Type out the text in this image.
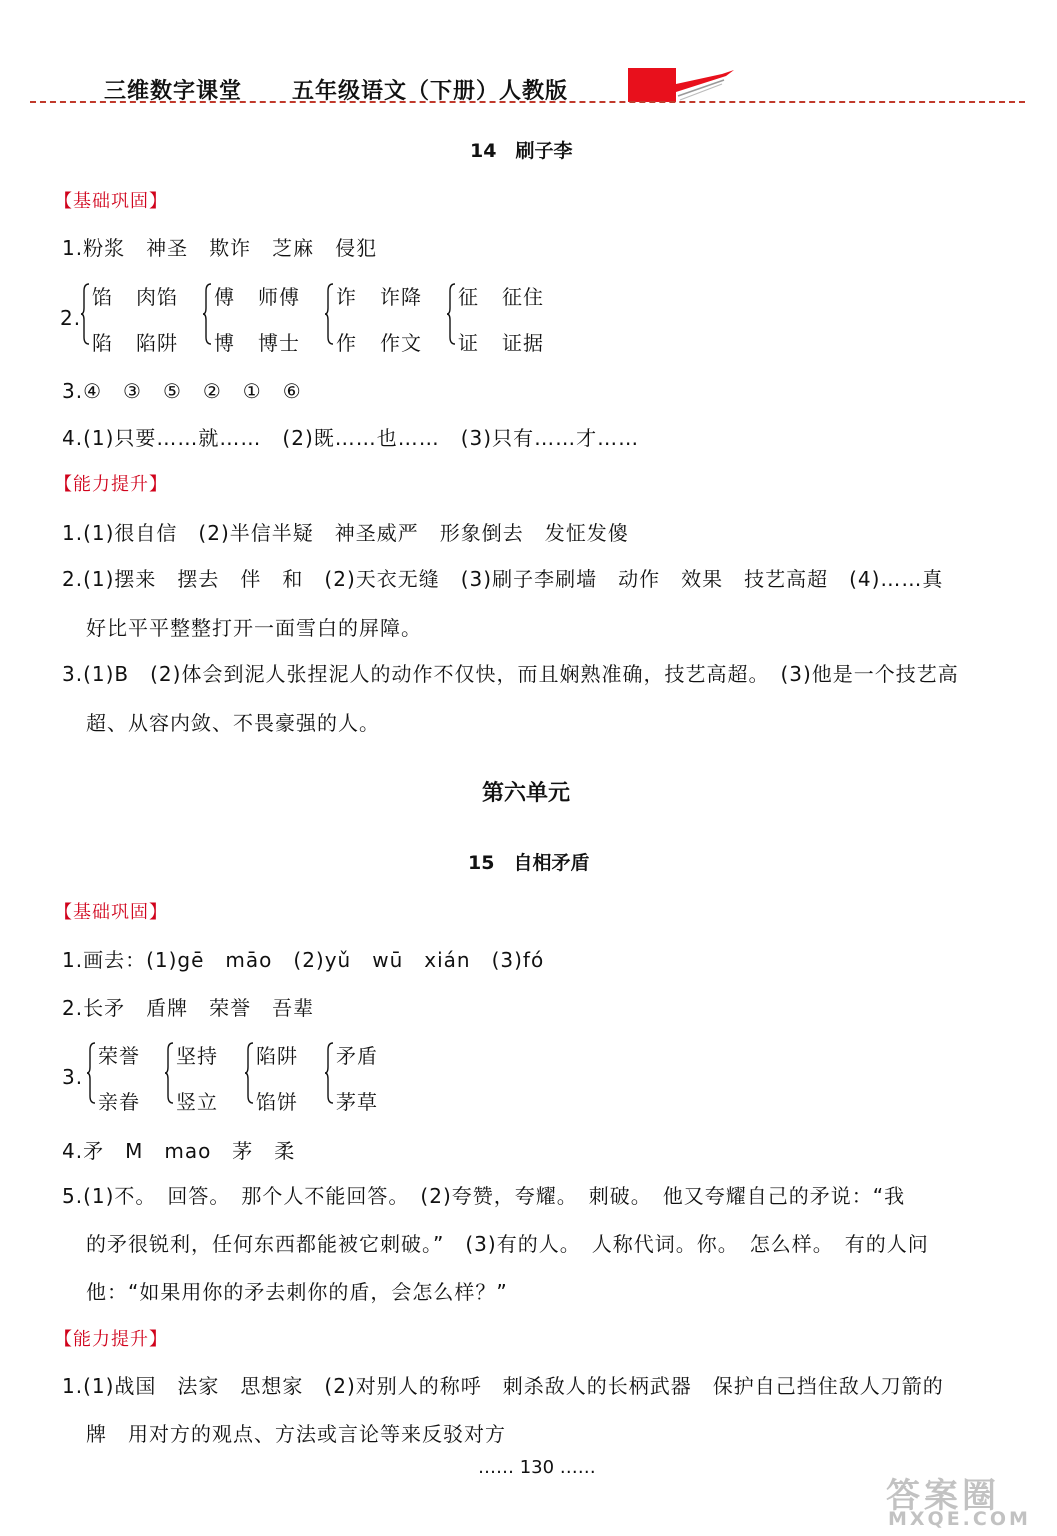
三维数字课堂 五年级语文（下册）人教版
14　刷子李
【基础巩固】
1.粉浆　神圣　欺诈　芝麻　侵犯
2.
馅 肉馅
陷 陷阱
傅 师傅
博 博士
诈 诈降
作 作文
征 征住
证 证据
3.④　③　⑤　②　①　⑥
4.(1)只要……就……　(2)既……也……　(3)只有……才……
【能力提升】
1.(1)很自信　(2)半信半疑　神圣威严　形象倒去　发怔发傻
2.(1)摆来　摆去　伴　和　(2)天衣无缝　(3)刷子李刷墙　动作　效果　技艺高超　(4)……真
好比平平整整打开一面雪白的屏障。
3.(1)B　(2)体会到泥人张捏泥人的动作不仅快，而且娴熟准确，技艺高超。　(3)他是一个技艺高
超、从容内敛、不畏豪强的人。
第六单元
15　自相矛盾
【基础巩固】
1.画去：(1)gē　māo　(2)yǔ　wū　xián　(3)fó
2.长矛　盾牌　荣誉　吾辈
3.
荣誉
亲眷
坚持
竖立
陷阱
馅饼
矛盾
茅草
4.矛　M　mao　茅　柔
5.(1)不。　回答。　那个人不能回答。　(2)夸赞，夸耀。　刺破。　他又夸耀自己的矛说：“我
的矛很锐利，任何东西都能被它刺破。”　(3)有的人。　人称代词。你。　怎么样。　有的人问
他：“如果用你的矛去刺你的盾，会怎么样？”
【能力提升】
1.(1)战国　法家　思想家　(2)对别人的称呼　刺杀敌人的长柄武器　保护自己挡住敌人刀箭的
牌　用对方的观点、方法或言论等来反驳对方
…… 130 ……
答案圈
MXQE.COM
